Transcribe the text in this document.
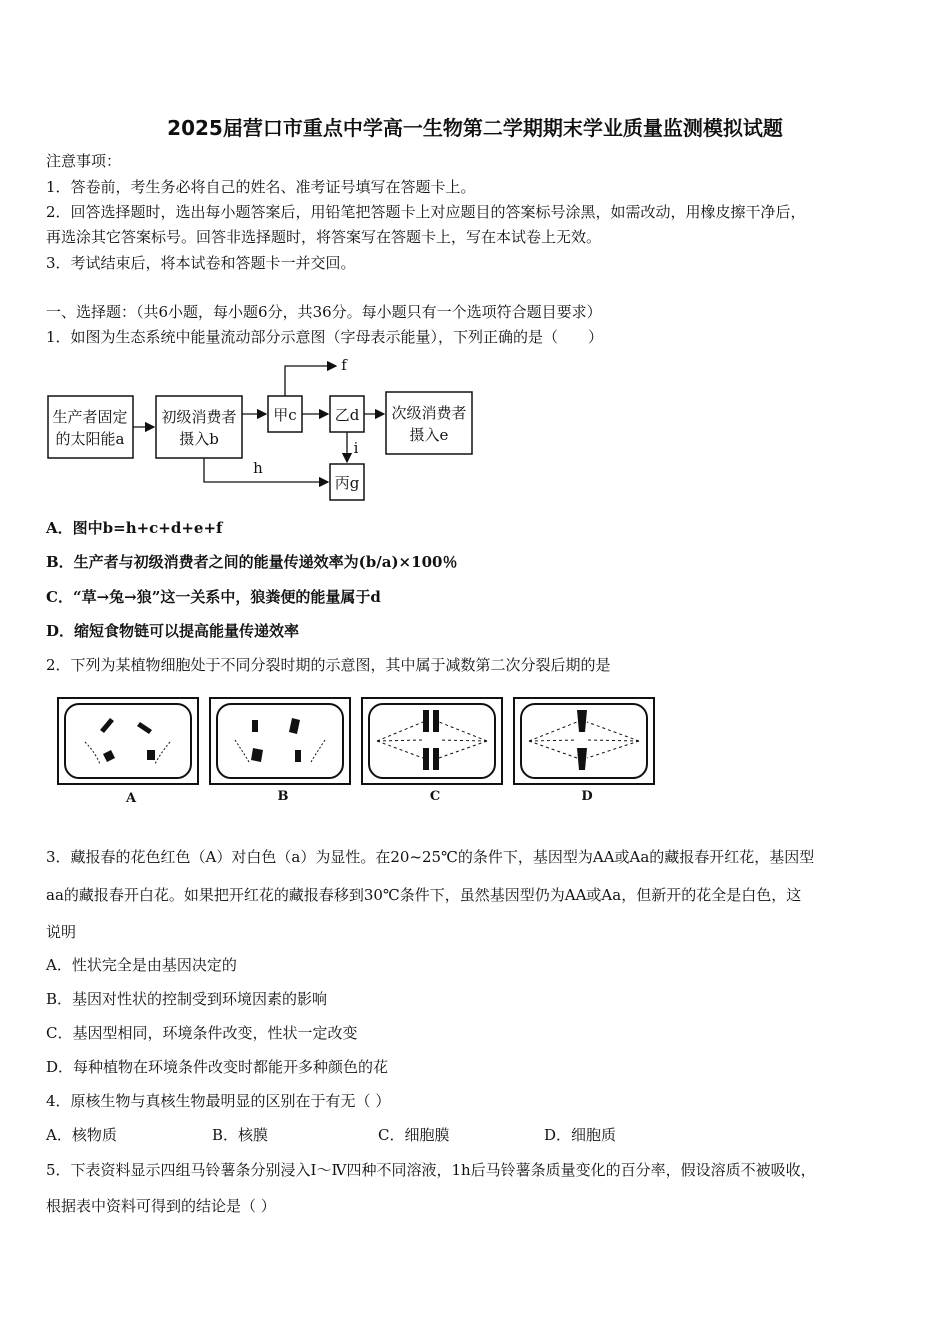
2025届营口市重点中学高一生物第二学期期末学业质量监测模拟试题
注意事项：
1．答卷前，考生务必将自己的姓名、准考证号填写在答题卡上。
2．回答选择题时，选出每小题答案后，用铅笔把答题卡上对应题目的答案标号涂黑，如需改动，用橡皮擦干净后，
再选涂其它答案标号。回答非选择题时，将答案写在答题卡上，写在本试卷上无效。
3．考试结束后，将本试卷和答题卡一并交回。
一、选择题：（共6小题，每小题6分，共36分。每小题只有一个选项符合题目要求）
1．如图为生态系统中能量流动部分示意图（字母表示能量），下列正确的是（　　）
生产者固定
的太阳能a
初级消费者
摄入b
甲c	乙d 次级消费者
摄入e
丙g
f
h
i
A．图中b=h+c+d+e+f
B．生产者与初级消费者之间的能量传递效率为(b/a)×100％
C．“草→兔→狼”这一关系中，狼粪便的能量属于d
D．缩短食物链可以提高能量传递效率
2．下列为某植物细胞处于不同分裂时期的示意图，其中属于减数第二次分裂后期的是
A	B	C	D
3．藏报春的花色红色（A）对白色（a）为显性。在20~25℃的条件下，基因型为AA或Aa的藏报春开红花，基因型
aa的藏报春开白花。如果把开红花的藏报春移到30℃条件下，虽然基因型仍为AA或Aa，但新开的花全是白色，这
说明
A．性状完全是由基因决定的
B．基因对性状的控制受到环境因素的影响
C．基因型相同，环境条件改变，性状一定改变
D．每种植物在环境条件改变时都能开多种颜色的花
4．原核生物与真核生物最明显的区别在于有无（ ）
A．核物质	B．核膜	C．细胞膜	D．细胞质
5．下表资料显示四组马铃薯条分别浸入Ⅰ～Ⅳ四种不同溶液，1h后马铃薯条质量变化的百分率，假设溶质不被吸收，
根据表中资料可得到的结论是（ ）
